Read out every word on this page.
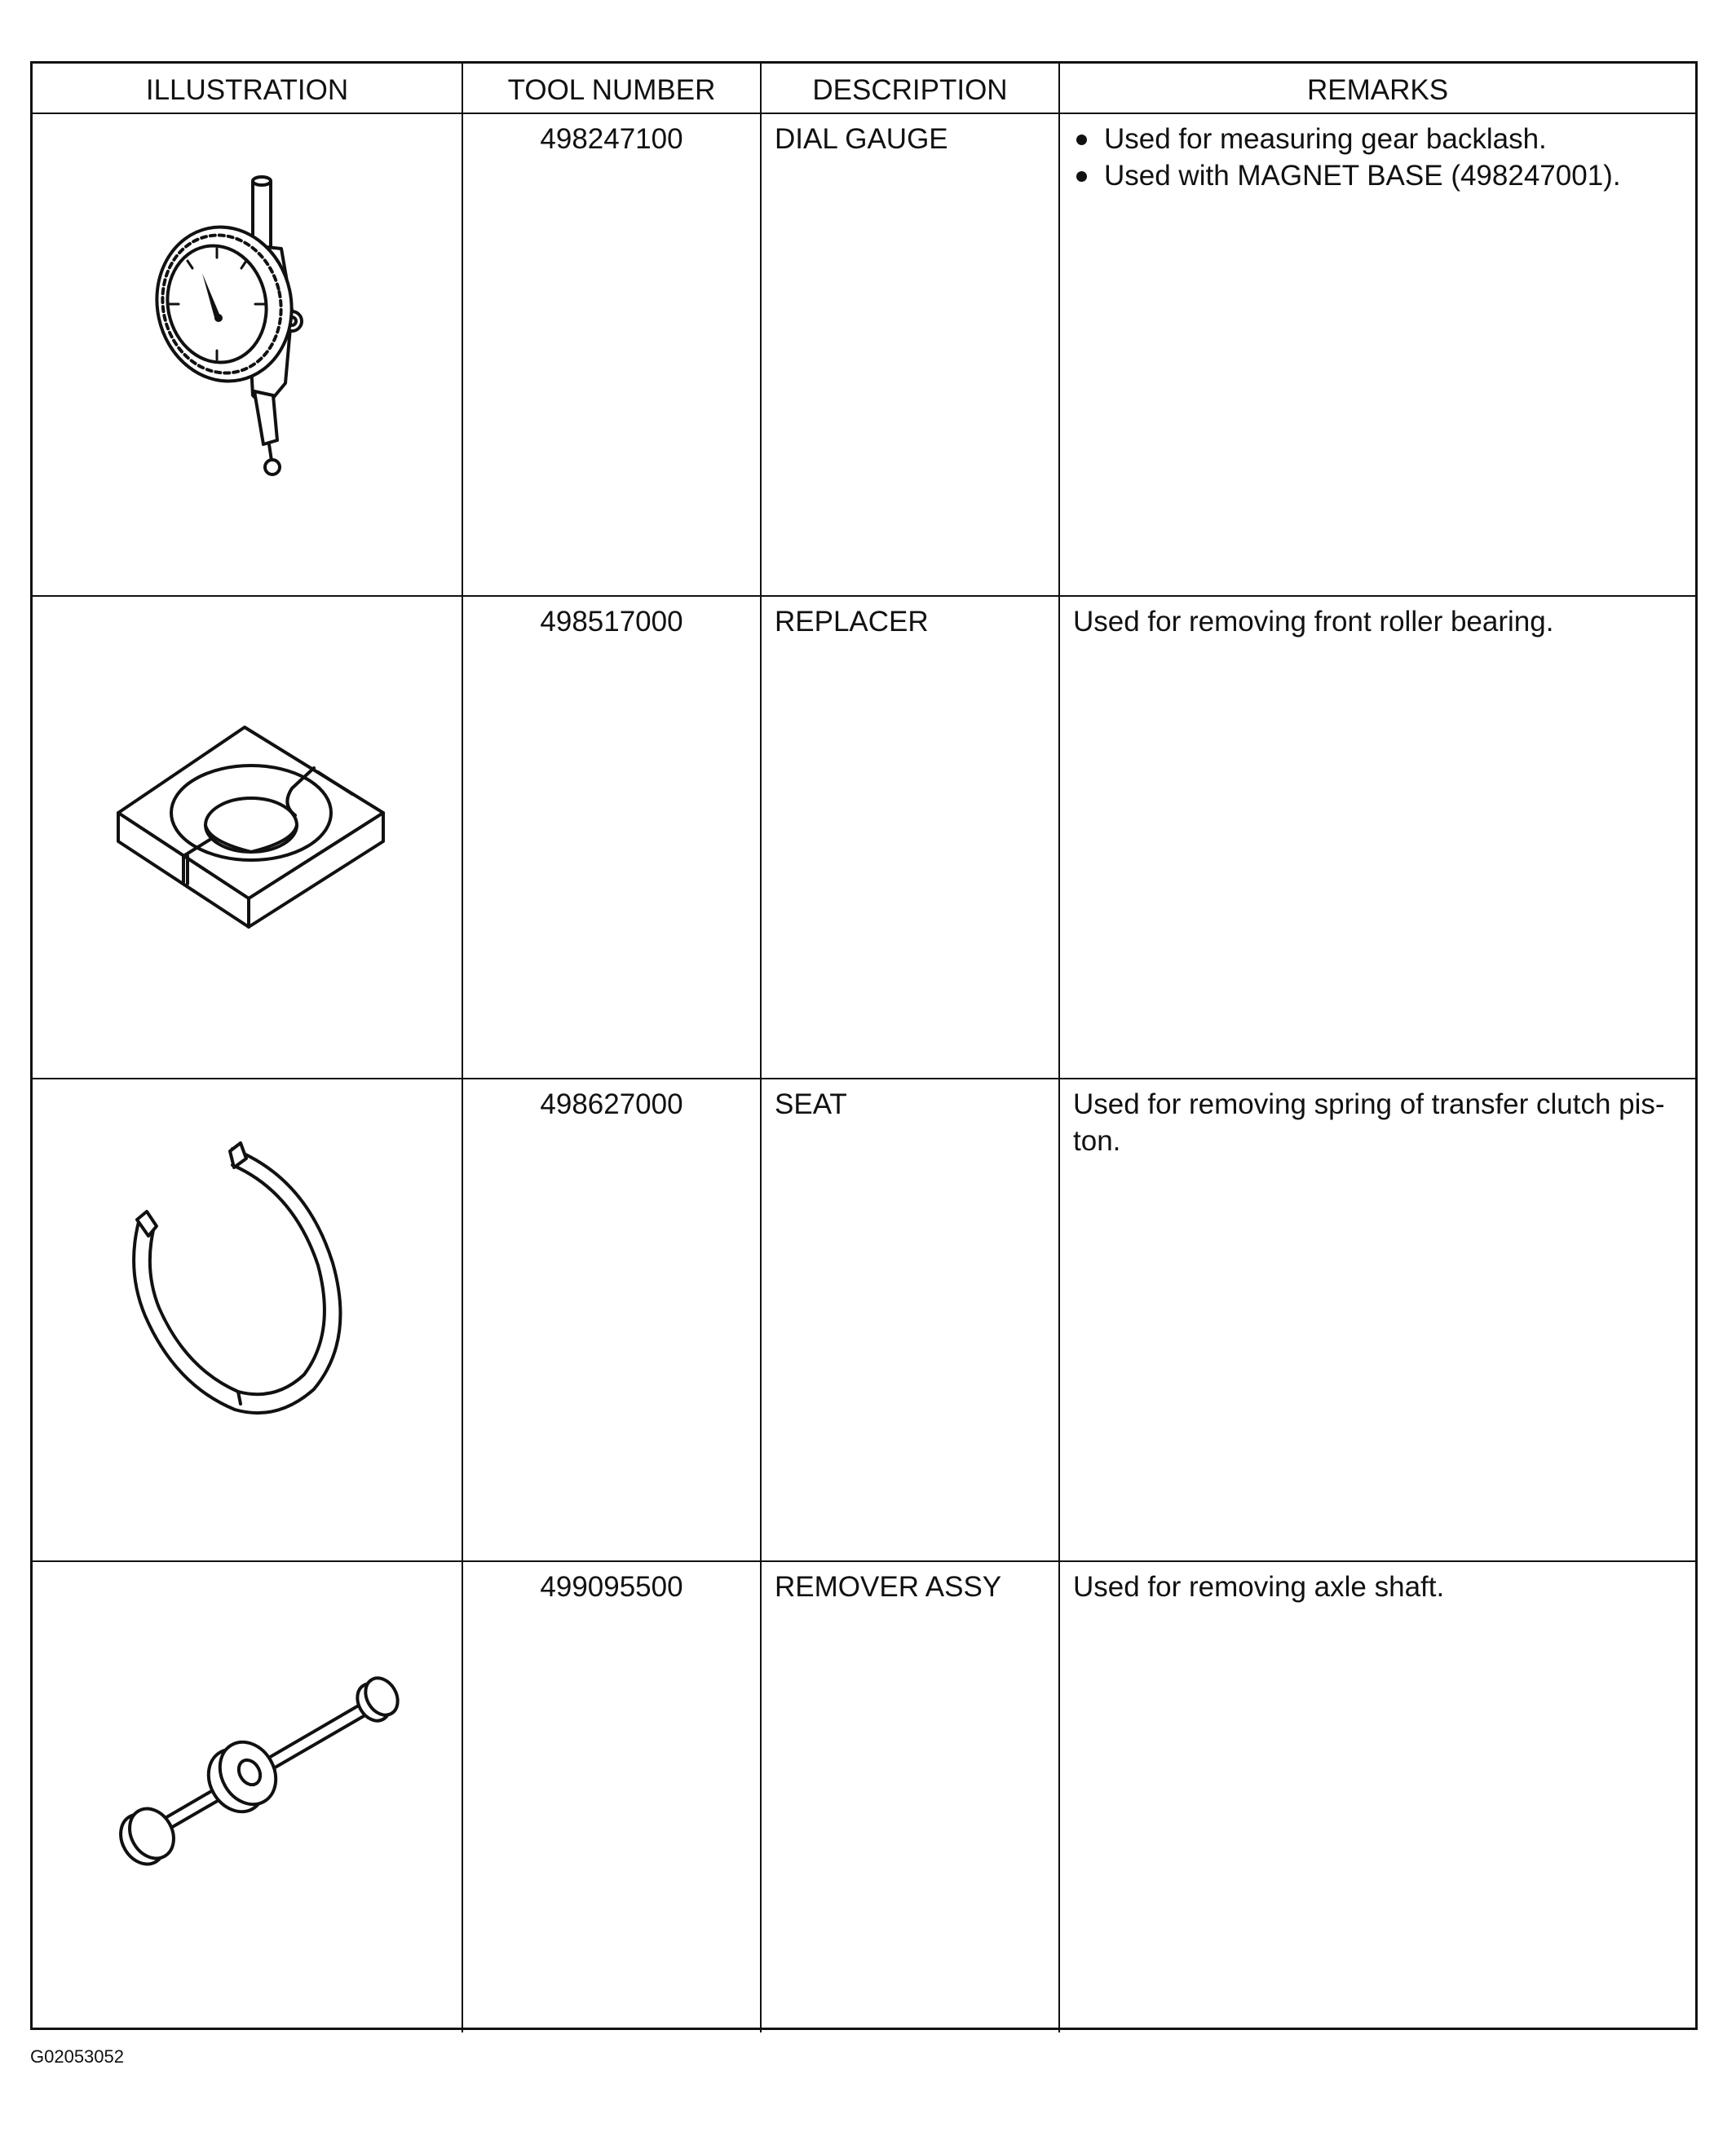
ILLUSTRATION	TOOL NUMBER	DESCRIPTION	REMARKS
498247100	DIAL GAUGE	Used for measuring gear backlash.
Used with MAGNET BASE (498247001).
498517000	REPLACER	Used for removing front roller bearing.
498627000	SEAT	Used for removing spring of transfer clutch pis-ton.
499095500	REMOVER ASSY	Used for removing axle shaft.
G02053052
